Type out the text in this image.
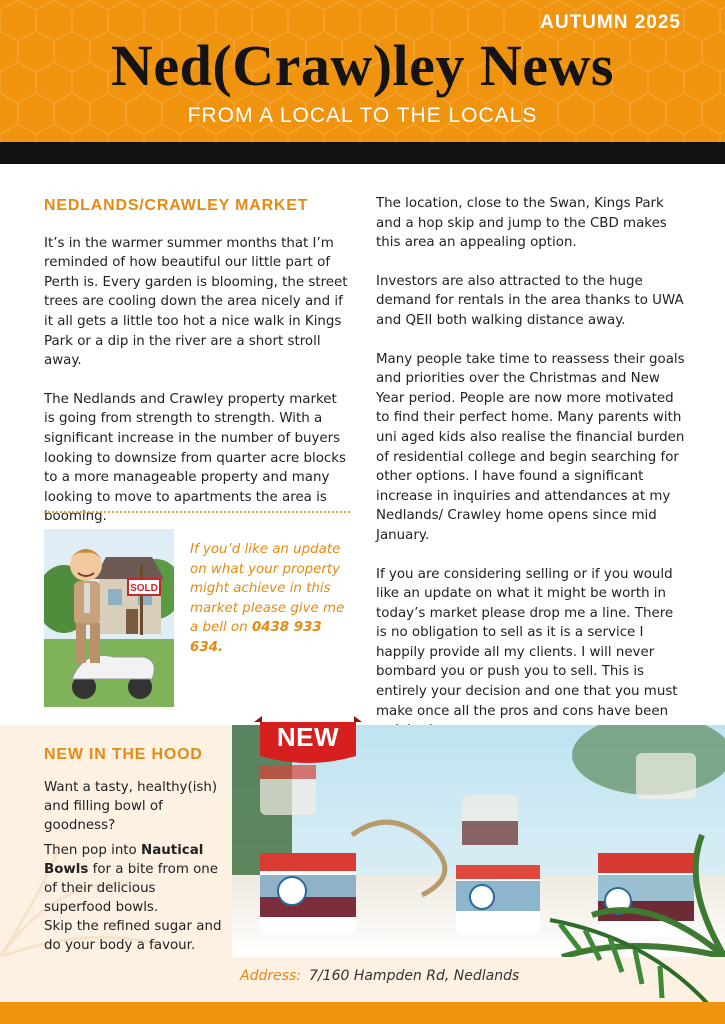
AUTUMN 2025
Ned(Craw)ley News
FROM A LOCAL TO THE LOCALS
NEDLANDS/CRAWLEY MARKET

It’s in the warmer summer months that I’m reminded of how beautiful our little part of Perth is. Every garden is blooming, the street trees are cooling down the area nicely and if it all gets a little too hot a nice walk in Kings Park or a dip in the river are a short stroll away.

The Nedlands and Crawley property market is going from strength to strength. With a significant increase in the number of buyers looking to downsize from quarter acre blocks to a more manageable property and many looking to move to apartments the area is booming.

SOLD
If you’d like an update on what your property might achieve in this market please give me a bell on 0438 933 634.

The location, close to the Swan, Kings Park and a hop skip and jump to the CBD makes this area an appealing option.

Investors are also attracted to the huge demand for rentals in the area thanks to UWA and QEII both walking distance away.

Many people take time to reassess their goals and priorities over the Christmas and New Year period. People are now more motivated to find their perfect home. Many parents with uni aged kids also realise the financial burden of residential college and begin searching for other options. I have found a significant increase in inquiries and attendances at my Nedlands/ Crawley home opens since mid January.

If you are considering selling or if you would like an update on what it might be worth in today’s market please drop me a line. There is no obligation to sell as it is a service I happily provide all my clients. I will never bombard you or push you to sell. This is entirely your decision and one that you must make once all the pros and cons have been

NEW IN THE HOOD

Want a tasty, healthy(ish) and filling bowl of goodness?

Then pop into Nautical Bowls for a bite from one of their delicious superfood bowls.

Skip the refined sugar and do your body a favour.

NEW
Address: 7/160 Hampden Rd, Nedlands
